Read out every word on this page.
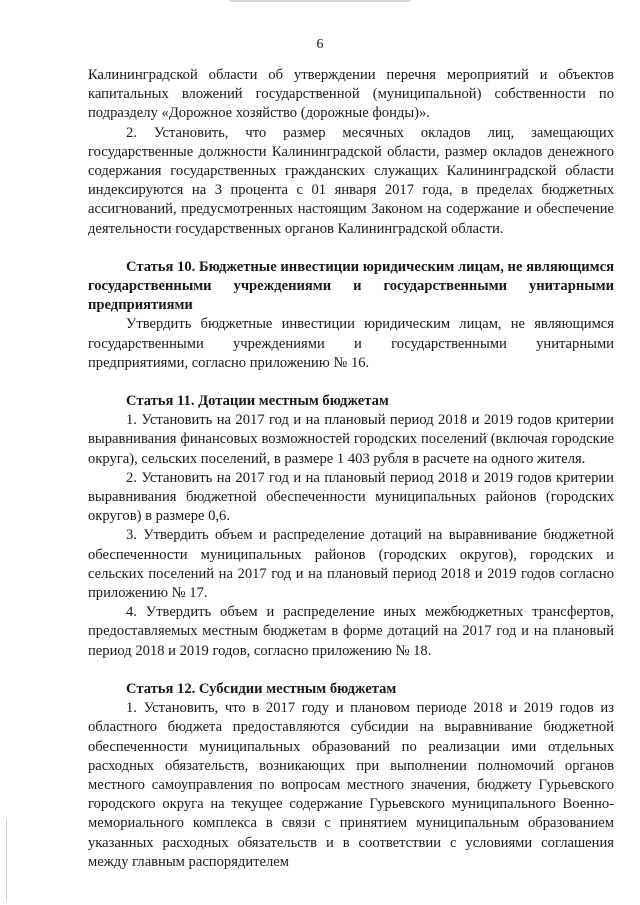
6

Калининградской области об утверждении перечня мероприятий и объектов капитальных вложений государственной (муниципальной) собственности по подразделу «Дорожное хозяйство (дорожные фонды)».

2. Установить, что размер месячных окладов лиц, замещающих государственные должности Калининградской области, размер окладов денежного содержания государственных гражданских служащих Калининградской области индексируются на 3 процента с 01 января 2017 года, в пределах бюджетных ассигнований, предусмотренных настоящим Законом на содержание и обеспечение деятельности государственных органов Калининградской области.

Статья 10. Бюджетные инвестиции юридическим лицам, не являющимся государственными учреждениями и государственными унитарными предприятиями

Утвердить бюджетные инвестиции юридическим лицам, не являющимся государственными учреждениями и государственными унитарными предприятиями, согласно приложению № 16.

Статья 11. Дотации местным бюджетам

1. Установить на 2017 год и на плановый период 2018 и 2019 годов критерии выравнивания финансовых возможностей городских поселений (включая городские округа), сельских поселений, в размере 1 403 рубля в расчете на одного жителя.

2. Установить на 2017 год и на плановый период 2018 и 2019 годов критерии выравнивания бюджетной обеспеченности муниципальных районов (городских округов) в размере 0,6.

3. Утвердить объем и распределение дотаций на выравнивание бюджетной обеспеченности муниципальных районов (городских округов), городских и сельских поселений на 2017 год и на плановый период 2018 и 2019 годов согласно приложению № 17.

4. Утвердить объем и распределение иных межбюджетных трансфертов, предоставляемых местным бюджетам в форме дотаций на 2017 год и на плановый период 2018 и 2019 годов, согласно приложению № 18.

Статья 12. Субсидии местным бюджетам

1. Установить, что в 2017 году и плановом периоде 2018 и 2019 годов из областного бюджета предоставляются субсидии на выравнивание бюджетной обеспеченности муниципальных образований по реализации ими отдельных расходных обязательств, возникающих при выполнении полномочий органов местного самоуправления по вопросам местного значения, бюджету Гурьевского городского округа на текущее содержание Гурьевского муниципального Военно-мемориального комплекса в связи с принятием муниципальным образованием указанных расходных обязательств и в соответствии с условиями соглашения между главным распорядителем
